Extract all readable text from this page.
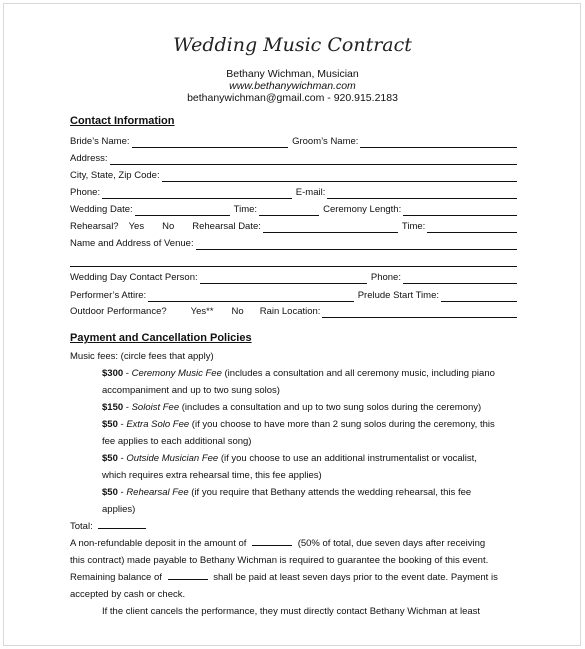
Wedding Music Contract
Bethany Wichman, Musician
www.bethanywichman.com
bethanywichman@gmail.com - 920.915.2183
Contact Information
Bride’s Name:	Groom’s Name:
Address:
City, State, Zip Code:
Phone:	E-mail:
Wedding Date:	Time:	Ceremony Length:
Rehearsal? Yes No Rehearsal Date:	Time:
Name and Address of Venue:
Wedding Day Contact Person:	Phone:
Performer’s Attire:	Prelude Start Time:
Outdoor Performance?	Yes** No Rain Location:
Payment and Cancellation Policies
Music fees: (circle fees that apply)
$300 - Ceremony Music Fee (includes a consultation and all ceremony music, including piano
accompaniment and up to two sung solos)
$150 - Soloist Fee (includes a consultation and up to two sung solos during the ceremony)
$50 - Extra Solo Fee (if you choose to have more than 2 sung solos during the ceremony, this
fee applies to each additional song)
$50 - Outside Musician Fee (if you choose to use an additional instrumentalist or vocalist,
which requires extra rehearsal time, this fee applies)
$50 - Rehearsal Fee (if you require that Bethany attends the wedding rehearsal, this fee
applies)
Total:
A non-refundable deposit in the amount of	(50% of total, due seven days after receiving
this contract) made payable to Bethany Wichman is required to guarantee the booking of this event.
Remaining balance of	shall be paid at least seven days prior to the event date. Payment is
accepted by cash or check.
If the client cancels the performance, they must directly contact Bethany Wichman at least
